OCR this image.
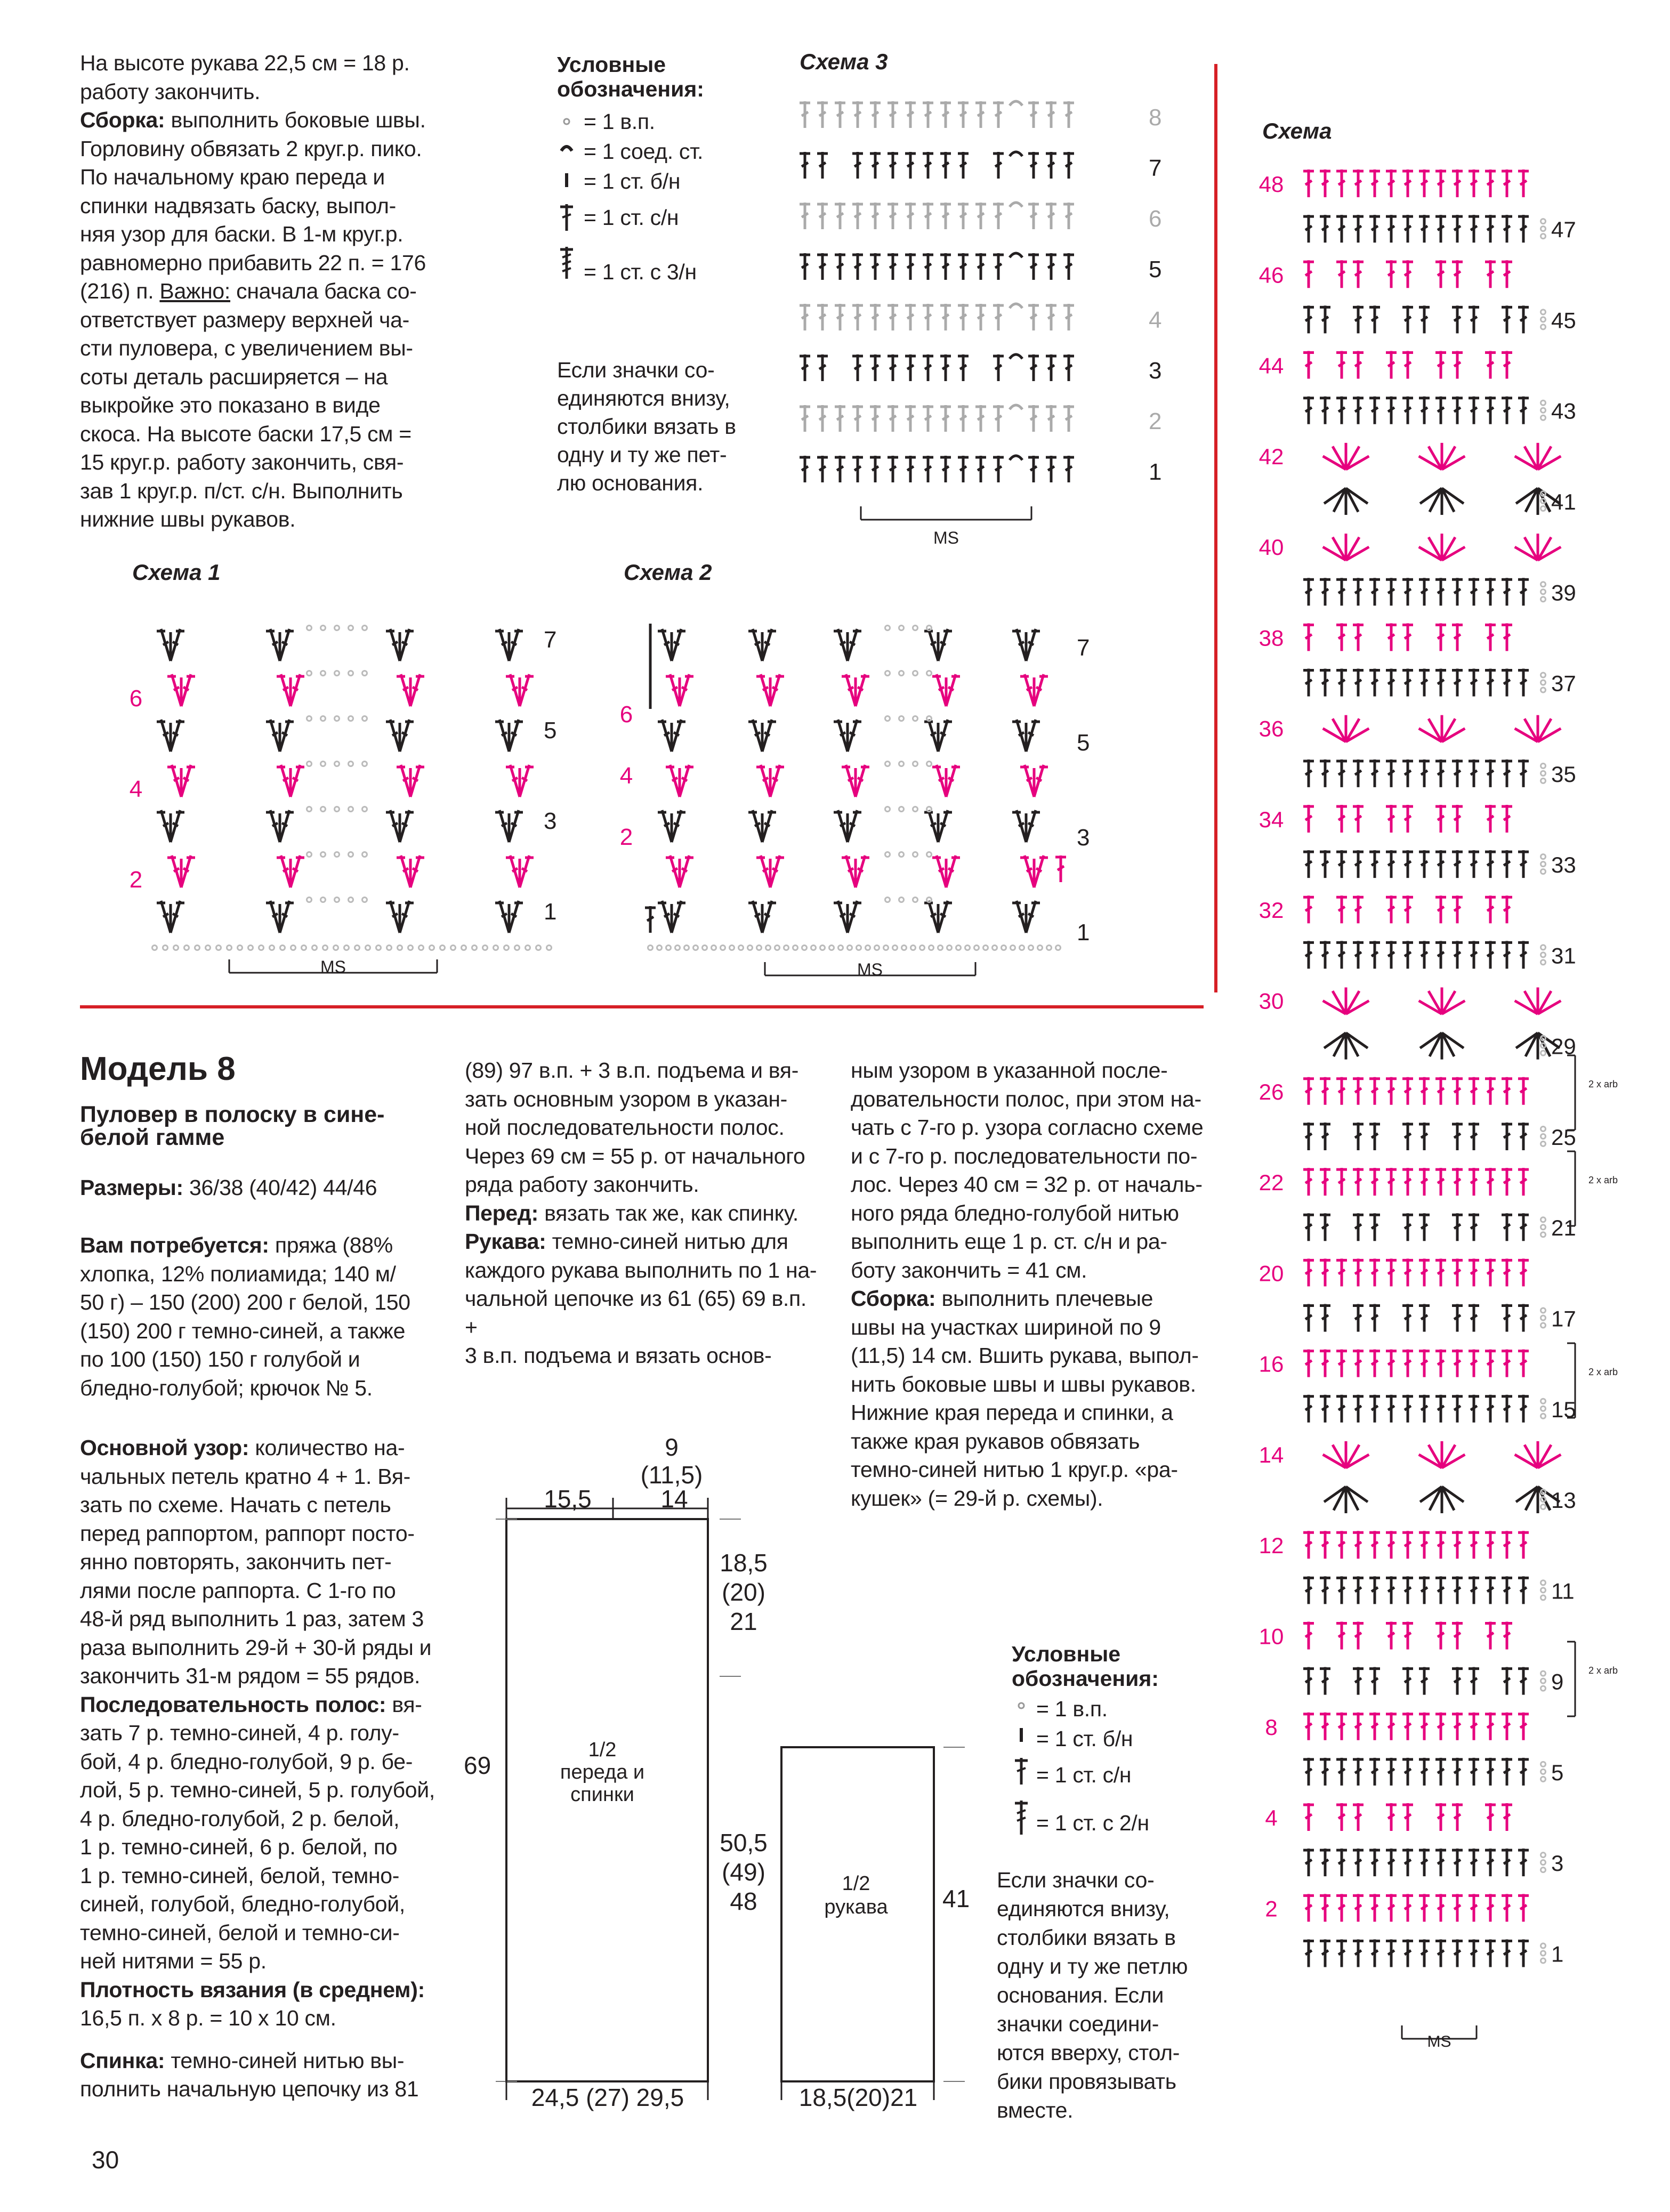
На высоте рукава 22,5 см = 18 р.

работу закончить.

Сборка: выполнить боковые швы.

Горловину обвязать 2 круг.р. пико.

По начальному краю переда и

спинки надвязать баску, выпол-

няя узор для баски. В 1-м круг.р.

равномерно прибавить 22 п. = 176

(216) п. Важно: сначала баска со-

ответствует размеру верхней ча-

сти пуловера, с увеличением вы-

соты деталь расширяется – на

выкройке это показано в виде

скоса. На высоте баски 17,5 см =

15 круг.р. работу закончить, свя-

зав 1 круг.р. п/ст. с/н. Выполнить

нижние швы рукавов.

Условные
обозначения:
= 1 в.п.
= 1 соед. ст.
= 1 ст. б/н
= 1 ст. с/н
= 1 ст. с 3/н
Если значки со-
единяются внизу,
столбики вязать в
одну и ту же пет-
лю основания.
Схема 3
8
7
6
5
4
3
2
1
MS
Схема 1
6
4
2
7
5
3
1
MS
Схема 2
6
4
2
7
5
3
1
MS
Схема
48
47
46
45
44
43
42
41
40
39
38
37
36
35
34
33
32
31
30
29
26
25
22
21
20
17
16
15
14
13
12
11
10
9
8
5
4
3
2
1
2 x arb
2 x arb
2 x arb
2 x arb
MS
Модель 8
Пуловер в полоску в сине-
белой гамме
Размеры: 36/38 (40/42) 44/46
Вам потребуется: пряжа (88%
хлопка, 12% полиамида; 140 м/
50 г) – 150 (200) 200 г белой, 150
(150) 200 г темно-синей, а также
по 100 (150) 150 г голубой и
бледно-голубой; крючок № 5.
Основной узор: количество на-
чальных петель кратно 4 + 1. Вя-
зать по схеме. Начать с петель
перед раппортом, раппорт посто-
янно повторять, закончить пет-
лями после раппорта. С 1-го по
48-й ряд выполнить 1 раз, затем 3
раза выполнить 29-й + 30-й ряды и
закончить 31-м рядом = 55 рядов.
Последовательность полос: вя-
зать 7 р. темно-синей, 4 р. голу-
бой, 4 р. бледно-голубой, 9 р. бе-
лой, 5 р. темно-синей, 5 р. голубой,
4 р. бледно-голубой, 2 р. белой,
1 р. темно-синей, 6 р. белой, по
1 р. темно-синей, белой, темно-
синей, голубой, бледно-голубой,
темно-синей, белой и темно-си-
ней нитями = 55 р.
Плотность вязания (в среднем):
16,5 п. х 8 р. = 10 х 10 см.
Спинка: темно-синей нитью вы-
полнить начальную цепочку из 81
(89) 97 в.п. + 3 в.п. подъема и вя-
зать основным узором в указан-
ной последовательности полос.
Через 69 см = 55 р. от начального
ряда работу закончить.
Перед: вязать так же, как спинку.
Рукава: темно-синей нитью для
каждого рукава выполнить по 1 на-
чальной цепочке из 61 (65) 69 в.п. +
3 в.п. подъема и вязать основ-
ным узором в указанной после-
довательности полос, при этом на-
чать с 7-го р. узора согласно схеме
и с 7-го р. последовательности по-
лос. Через 40 см = 32 р. от началь-
ного ряда бледно-голубой нитью
выполнить еще 1 р. ст. с/н и ра-
боту закончить = 41 см.
Сборка: выполнить плечевые
швы на участках шириной по 9
(11,5) 14 см. Вшить рукава, выпол-
нить боковые швы и швы рукавов.
Нижние края переда и спинки, а
также края рукавов обвязать
темно-синей нитью 1 круг.р. «ра-
кушек» (= 29-й р. схемы).
9
(11,5)
15,5	14
18,5
(20)
21
69
1/2
переда и
спинки
50,5
(49)
48
24,5 (27) 29,5
1/2
рукава	41
18,5(20)21
Условные
обозначения:
= 1 в.п.
= 1 ст. б/н
= 1 ст. с/н
= 1 ст. с 2/н
Если значки со-
единяются внизу,
столбики вязать в
одну и ту же петлю
основания. Если
значки соедини-
ются вверху, стол-
бики провязывать
вместе.
30
